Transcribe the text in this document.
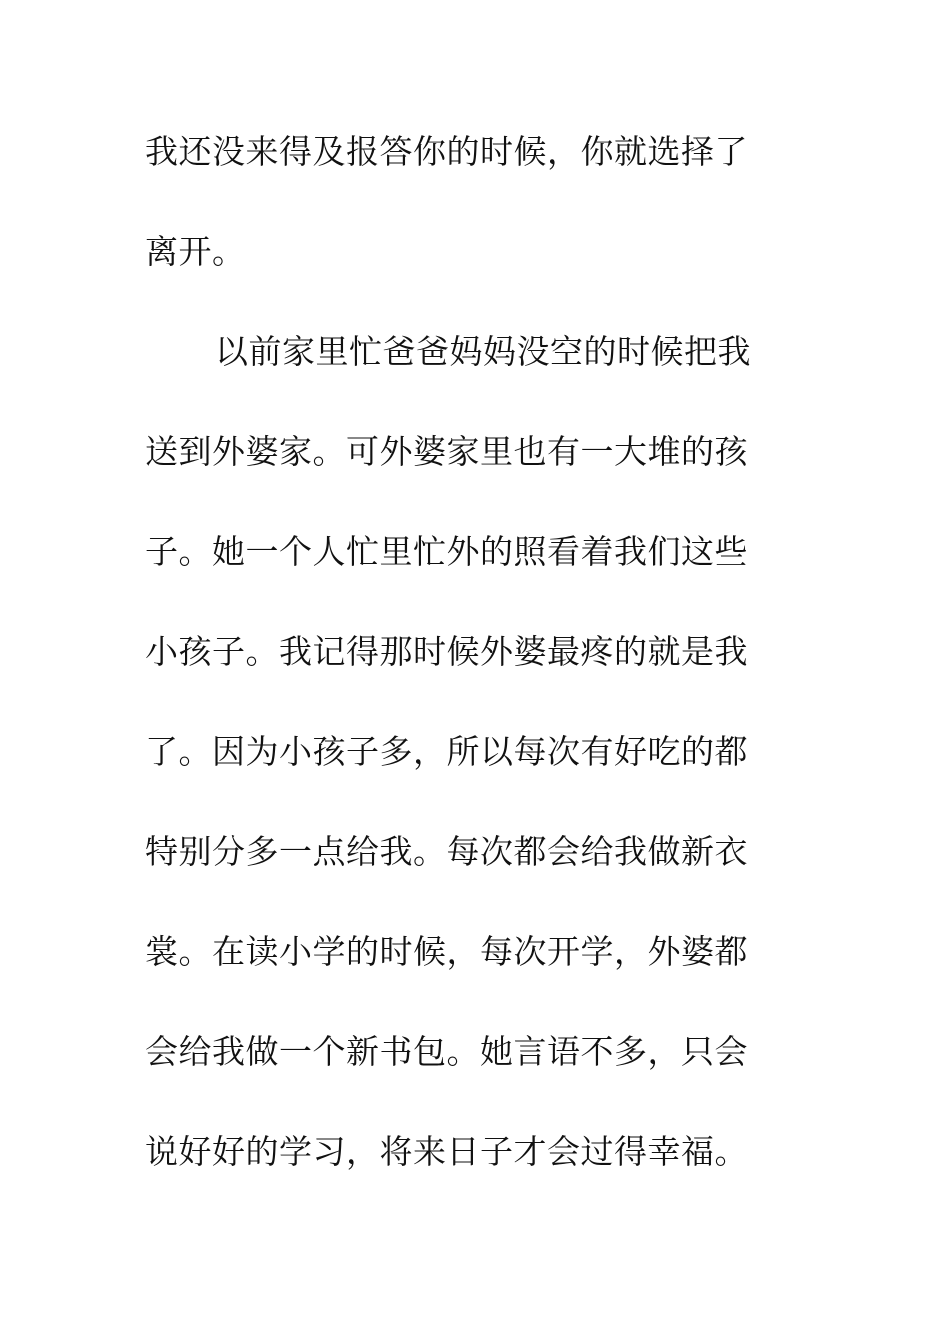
我还没来得及报答你的时候，你就选择了
离开。
以前家里忙爸爸妈妈没空的时候把我
送到外婆家。可外婆家里也有一大堆的孩
子。她一个人忙里忙外的照看着我们这些
小孩子。我记得那时候外婆最疼的就是我
了。因为小孩子多，所以每次有好吃的都
特别分多一点给我。每次都会给我做新衣
裳。在读小学的时候，每次开学，外婆都
会给我做一个新书包。她言语不多，只会
说好好的学习，将来日子才会过得幸福。
